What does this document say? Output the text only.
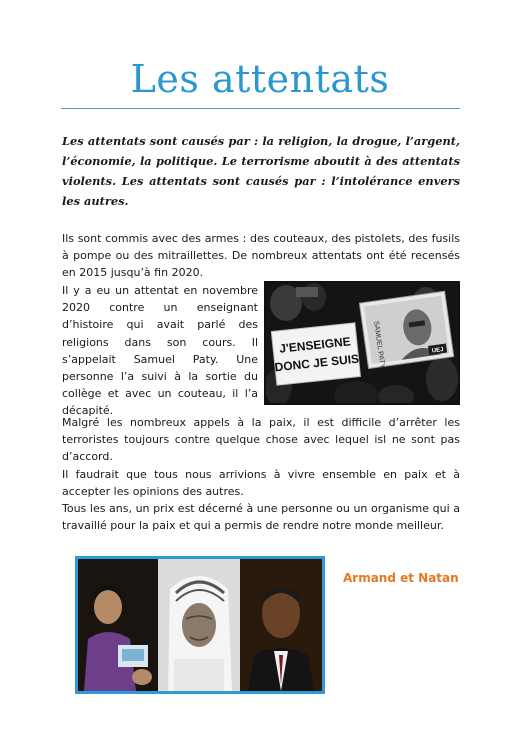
Les attentats

Les attentats sont causés par : la religion, la drogue, l’argent, l’économie, la politique. Le terrorisme aboutit à des attentats violents. Les attentats sont causés par : l’intolérance envers les autres.

Ils sont commis avec des armes : des couteaux, des pistolets, des fusils à pompe ou des mitraillettes. De nombreux attentats ont été recensés en 2015 jusqu’à fin 2020.

Il y a eu un attentat en novembre 2020 contre un enseignant d’histoire qui avait parlé des religions dans son cours. Il s’appelait Samuel Paty. Une personne l’a suivi à la sortie du collège et avec un couteau, il l’a décapité.

J'ENSEIGNE
DONC JE SUIS SAMUEL PATY	UEJ

Malgré les nombreux appels à la paix, il est difficile d’arrêter les terroristes toujours contre quelque chose avec lequel isl ne sont pas d’accord.

Il faudrait que tous nous arrivions à vivre ensemble en paix et à accepter les opinions des autres.

Tous les ans, un prix est décerné à une personne ou un organisme qui a travaillé pour la paix et qui a permis de rendre notre monde meilleur.

Armand et Natan
